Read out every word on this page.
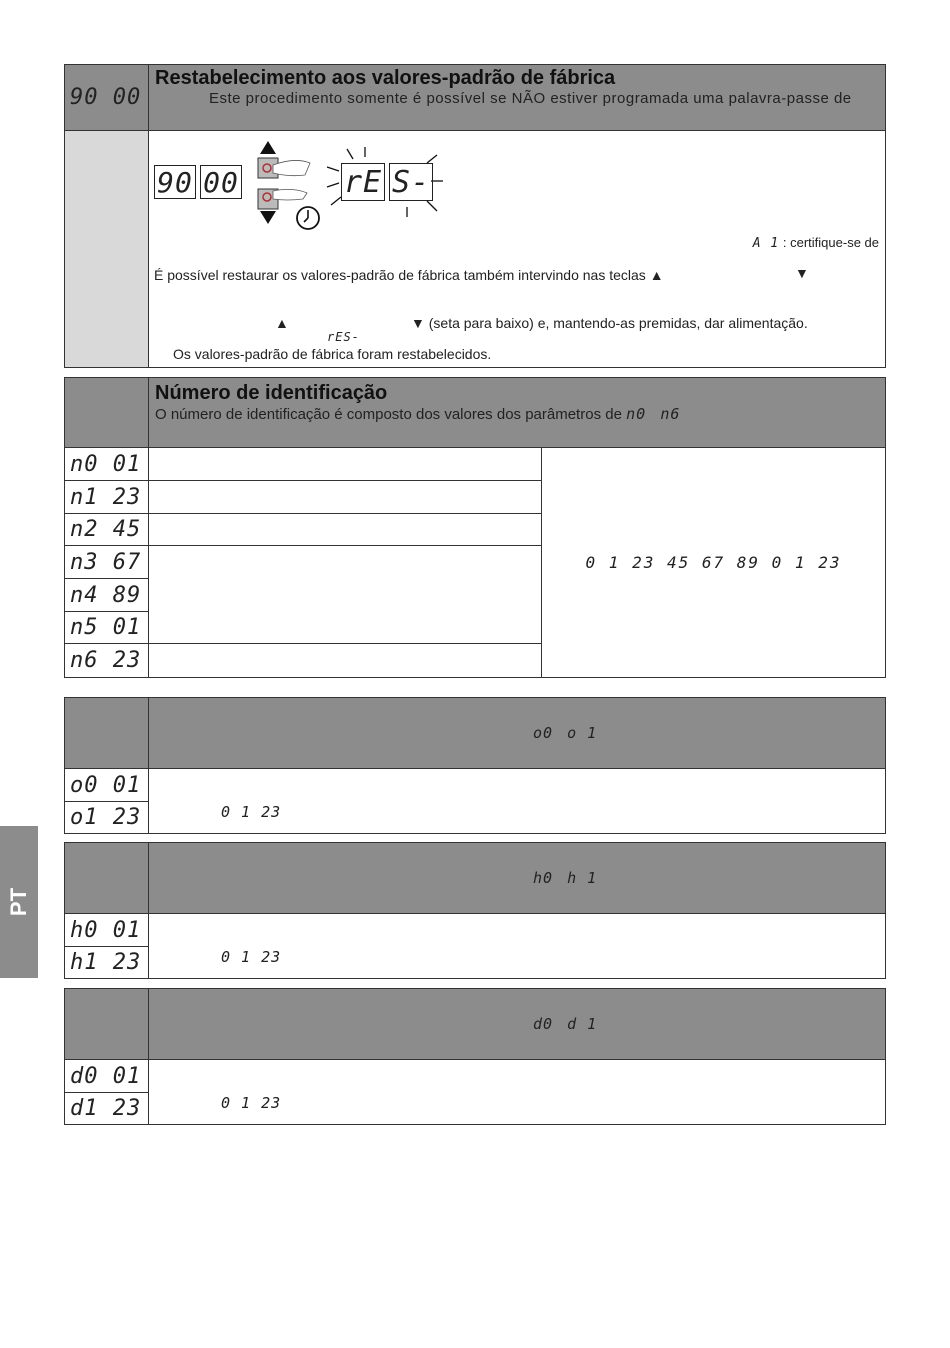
90 00
Restabelecimento aos valores-padrão de fábrica
Este procedimento somente é possível se NÃO estiver programada uma palavra-passe de
90 00	rE S-
A 1 : certifique-se de
É possível restaurar os valores-padrão de fábrica também intervindo nas teclas ▲	▼
▲	▼ (seta para baixo) e, mantendo-as premidas, dar alimentação.
rES-
Os valores-padrão de fábrica foram restabelecidos.
Número de identificação
O número de identificação é composto dos valores dos parâmetros de n0 n6
n0 01
n1 23
n2 45
n3 67
n4 89
n5 01
n6 23
0 1 23 45 67 89 0 1 23
o0 o 1
o0 01
o1 23	0 1 23
h0 h 1
h0 01
h1 23	0 1 23
d0 d 1
d0 01
d1 23	0 1 23
PT
